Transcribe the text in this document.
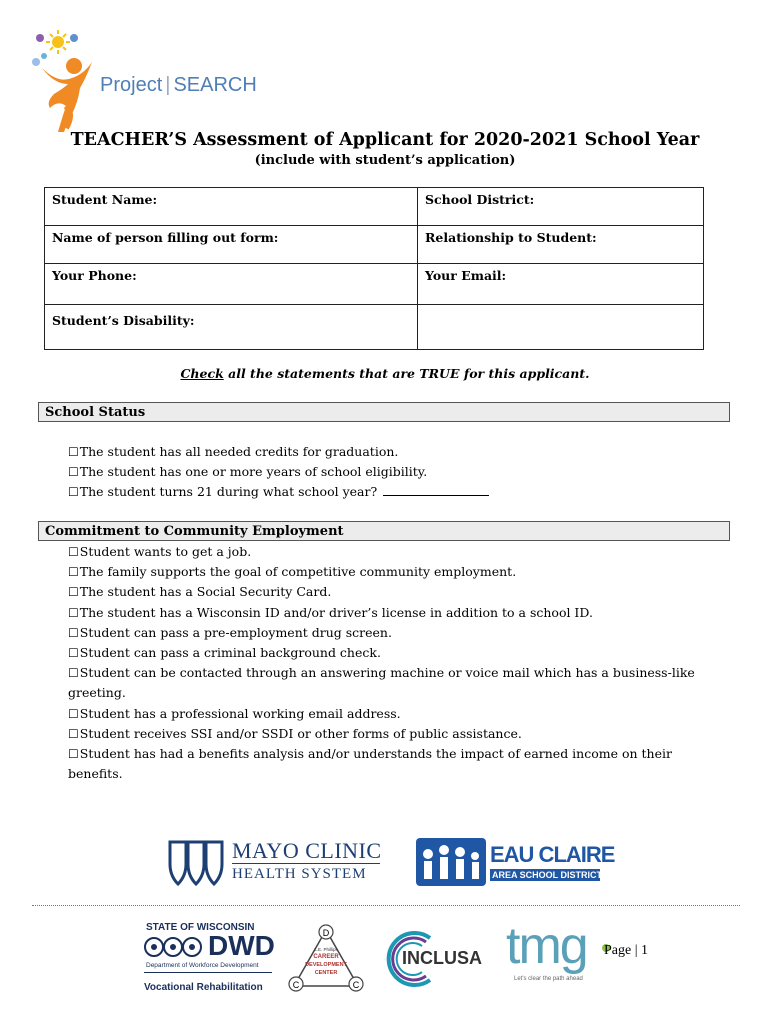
Project | SEARCH
TEACHER’S Assessment of Applicant for 2020-2021 School Year
(include with student’s application)
Student Name:	School District:
Name of person filling out form:	Relationship to Student:
Your Phone:	Your Email:
Student’s Disability:	
Check all the statements that are TRUE for this applicant.
School Status
☐The student has all needed credits for graduation.
☐The student has one or more years of school eligibility.
☐The student turns 21 during what school year?
Commitment to Community Employment
☐Student wants to get a job.
☐The family supports the goal of competitive community employment.
☐The student has a Social Security Card.
☐The student has a Wisconsin ID and/or driver’s license in addition to a school ID.
☐Student can pass a pre-employment drug screen.
☐Student can pass a criminal background check.
☐Student can be contacted through an answering machine or voice mail which has a business-like greeting.
☐Student has a professional working email address.
☐Student receives SSI and/or SSDI or other forms of public assistance.
☐Student has had a benefits analysis and/or understands the impact of earned income on their benefits.
MAYO CLINIC
HEALTH SYSTEM
EAU CLAIRE
AREA SCHOOL DISTRICT
STATE OF WISCONSIN
DWD
Department of Workforce Development
Vocational Rehabilitation
D
C	C
L.E. Phillips
CAREER
DEVELOPMENT
CENTER
INCLUSA tmg
Let's clear the path ahead
Page | 1
